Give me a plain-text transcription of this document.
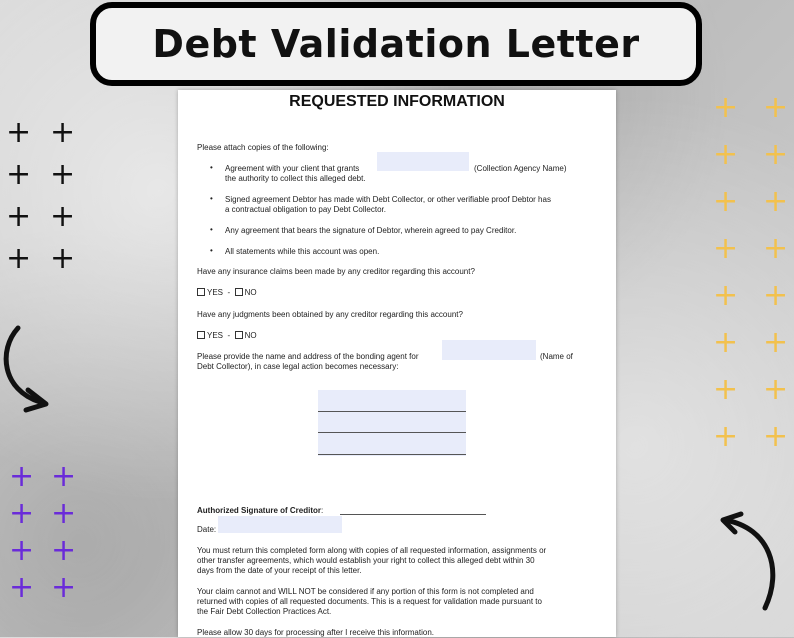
Debt Validation Letter
+ +
+ +
+ +
+ +
+ +
+ +
+ +
+ +
+ +
+ +
+ +
+ +
+ +
+ +
+ +
+ +
REQUESTED INFORMATION
Please attach copies of the following:
• Agreement with your client that grants	(Collection Agency Name)
the authority to collect this alleged debt.
• Signed agreement Debtor has made with Debt Collector, or other verifiable proof Debtor has
a contractual obligation to pay Debt Collector.
• Any agreement that bears the signature of Debtor, wherein agreed to pay Creditor.
• All statements while this account was open.
Have any insurance claims been made by any creditor regarding this account?
YES - NO
Have any judgments been obtained by any creditor regarding this account?
YES - NO
Please provide the name and address of the bonding agent for	(Name of
Debt Collector), in case legal action becomes necessary:
Authorized Signature of Creditor:
Date:
You must return this completed form along with copies of all requested information, assignments or
other transfer agreements, which would establish your right to collect this alleged debt within 30
days from the date of your receipt of this letter.
Your claim cannot and WILL NOT be considered if any portion of this form is not completed and
returned with copies of all requested documents. This is a request for validation made pursuant to
the Fair Debt Collection Practices Act.
Please allow 30 days for processing after I receive this information.
